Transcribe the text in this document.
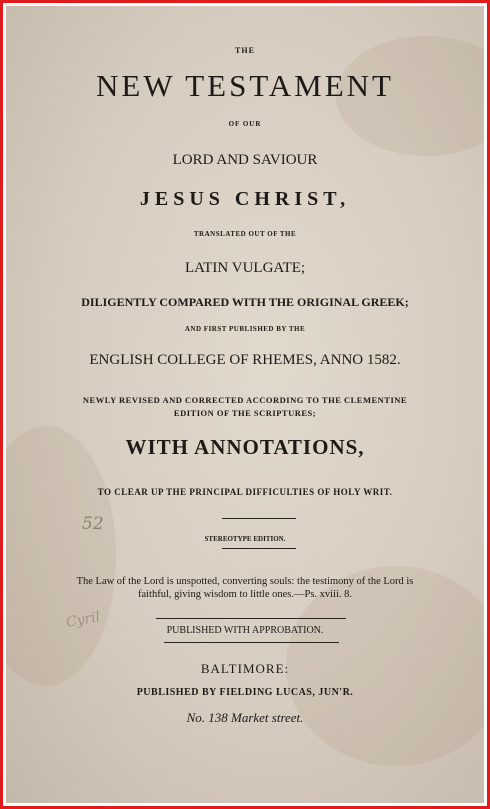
THE
NEW TESTAMENT
OF OUR
LORD AND SAVIOUR
JESUS CHRIST,
TRANSLATED OUT OF THE
LATIN VULGATE;
DILIGENTLY COMPARED WITH THE ORIGINAL GREEK;
AND FIRST PUBLISHED BY THE
ENGLISH COLLEGE OF RHEMES, ANNO 1582.
NEWLY REVISED AND CORRECTED ACCORDING TO THE CLEMENTINE
EDITION OF THE SCRIPTURES;
WITH ANNOTATIONS,
TO CLEAR UP THE PRINCIPAL DIFFICULTIES OF HOLY WRIT.
STEREOTYPE EDITION.
The Law of the Lord is unspotted, converting souls: the testimony of the Lord is
faithful, giving wisdom to little ones.—Ps. xviii. 8.
PUBLISHED WITH APPROBATION.
BALTIMORE:
PUBLISHED BY FIELDING LUCAS, JUN'R.
No. 138 Market street.
52
Cyril
